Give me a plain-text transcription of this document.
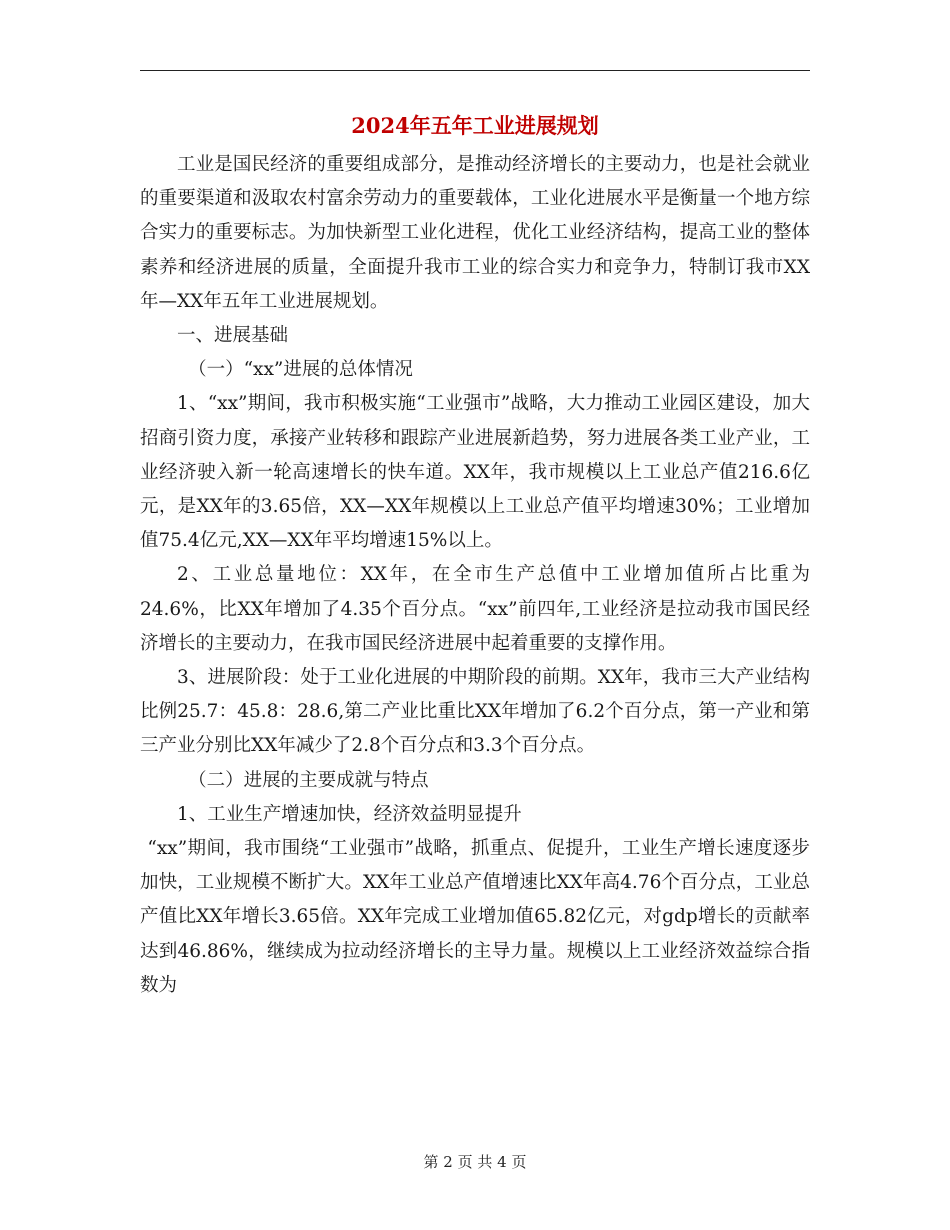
2024年五年工业进展规划

工业是国民经济的重要组成部分，是推动经济增长的主要动力，也是社会就业的重要渠道和汲取农村富余劳动力的重要载体，工业化进展水平是衡量一个地方综合实力的重要标志。为加快新型工业化进程，优化工业经济结构，提高工业的整体素养和经济进展的质量，全面提升我市工业的综合实力和竞争力，特制订我市XX年—XX年五年工业进展规划。

一、进展基础

（一）“xx”进展的总体情况

1、“xx”期间，我市积极实施“工业强市”战略，大力推动工业园区建设，加大招商引资力度，承接产业转移和跟踪产业进展新趋势，努力进展各类工业产业，工业经济驶入新一轮高速增长的快车道。XX年，我市规模以上工业总产值216.6亿元，是XX年的3.65倍，XX—XX年规模以上工业总产值平均增速30%；工业增加值75.4亿元,XX—XX年平均增速15%以上。

2、工业总量地位：XX年，在全市生产总值中工业增加值所占比重为24.6%，比XX年增加了4.35个百分点。“xx”前四年,工业经济是拉动我市国民经济增长的主要动力，在我市国民经济进展中起着重要的支撑作用。

3、进展阶段：处于工业化进展的中期阶段的前期。XX年，我市三大产业结构比例25.7：45.8：28.6,第二产业比重比XX年增加了6.2个百分点，第一产业和第三产业分别比XX年减少了2.8个百分点和3.3个百分点。

（二）进展的主要成就与特点

1、工业生产增速加快，经济效益明显提升

“xx”期间，我市围绕“工业强市”战略，抓重点、促提升，工业生产增长速度逐步加快，工业规模不断扩大。XX年工业总产值增速比XX年高4.76个百分点，工业总产值比XX年增长3.65倍。XX年完成工业增加值65.82亿元，对gdp增长的贡献率达到46.86%，继续成为拉动经济增长的主导力量。规模以上工业经济效益综合指数为

第 2 页 共 4 页
